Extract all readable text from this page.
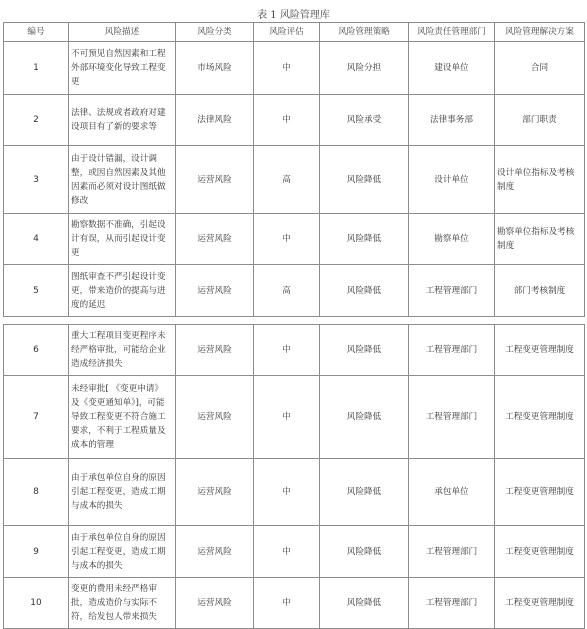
表 1 风险管理库
编号	风险描述	风险分类	风险评估	风险管理策略	风险责任管理部门	风险管理解决方案
1	不可预见自然因素和工程外部环境变化导致工程变更	市场风险	中	风险分担	建设单位	合同
2	法律、法规或者政府对建设项目有了新的要求等	法律风险	中	风险承受	法律事务部	部门职责
3	由于设计错漏，设计调整，或因自然因素及其他因素而必须对设计图纸做修改	运营风险	高	风险降低	设计单位	设计单位指标及考核制度
4	勘察数据不准确，引起设计有误，从而引起设计变更	运营风险	中	风险降低	勘察单位	勘察单位指标及考核制度
5	图纸审查不严引起设计变更，带来造价的提高与进度的延迟	运营风险	高	风险降低	工程管理部门	部门考核制度

6	重大工程项目变更程序未经严格审批，可能给企业造成经济损失	运营风险	中	风险降低	工程管理部门	工程变更管理制度
7	未经审批[ 《变更申请》 及《变更通知单》]，可能导致工程变更不符合施工要求，不利于工程质量及成本的管理	运营风险	中	风险降低	工程管理部门	工程变更管理制度
8	由于承包单位自身的原因引起工程变更，造成工期与成本的损失	运营风险	中	风险降低	承包单位	工程变更管理制度
9	由于承包单位自身的原因引起工程变更，造成工期与成本的损失	运营风险	中	风险降低	工程管理部门	工程变更管理制度
10	变更的费用未经严格审批，造成造价与实际不符，给发包人带来损失	运营风险	中	风险降低	工程管理部门	工程变更管理制度
